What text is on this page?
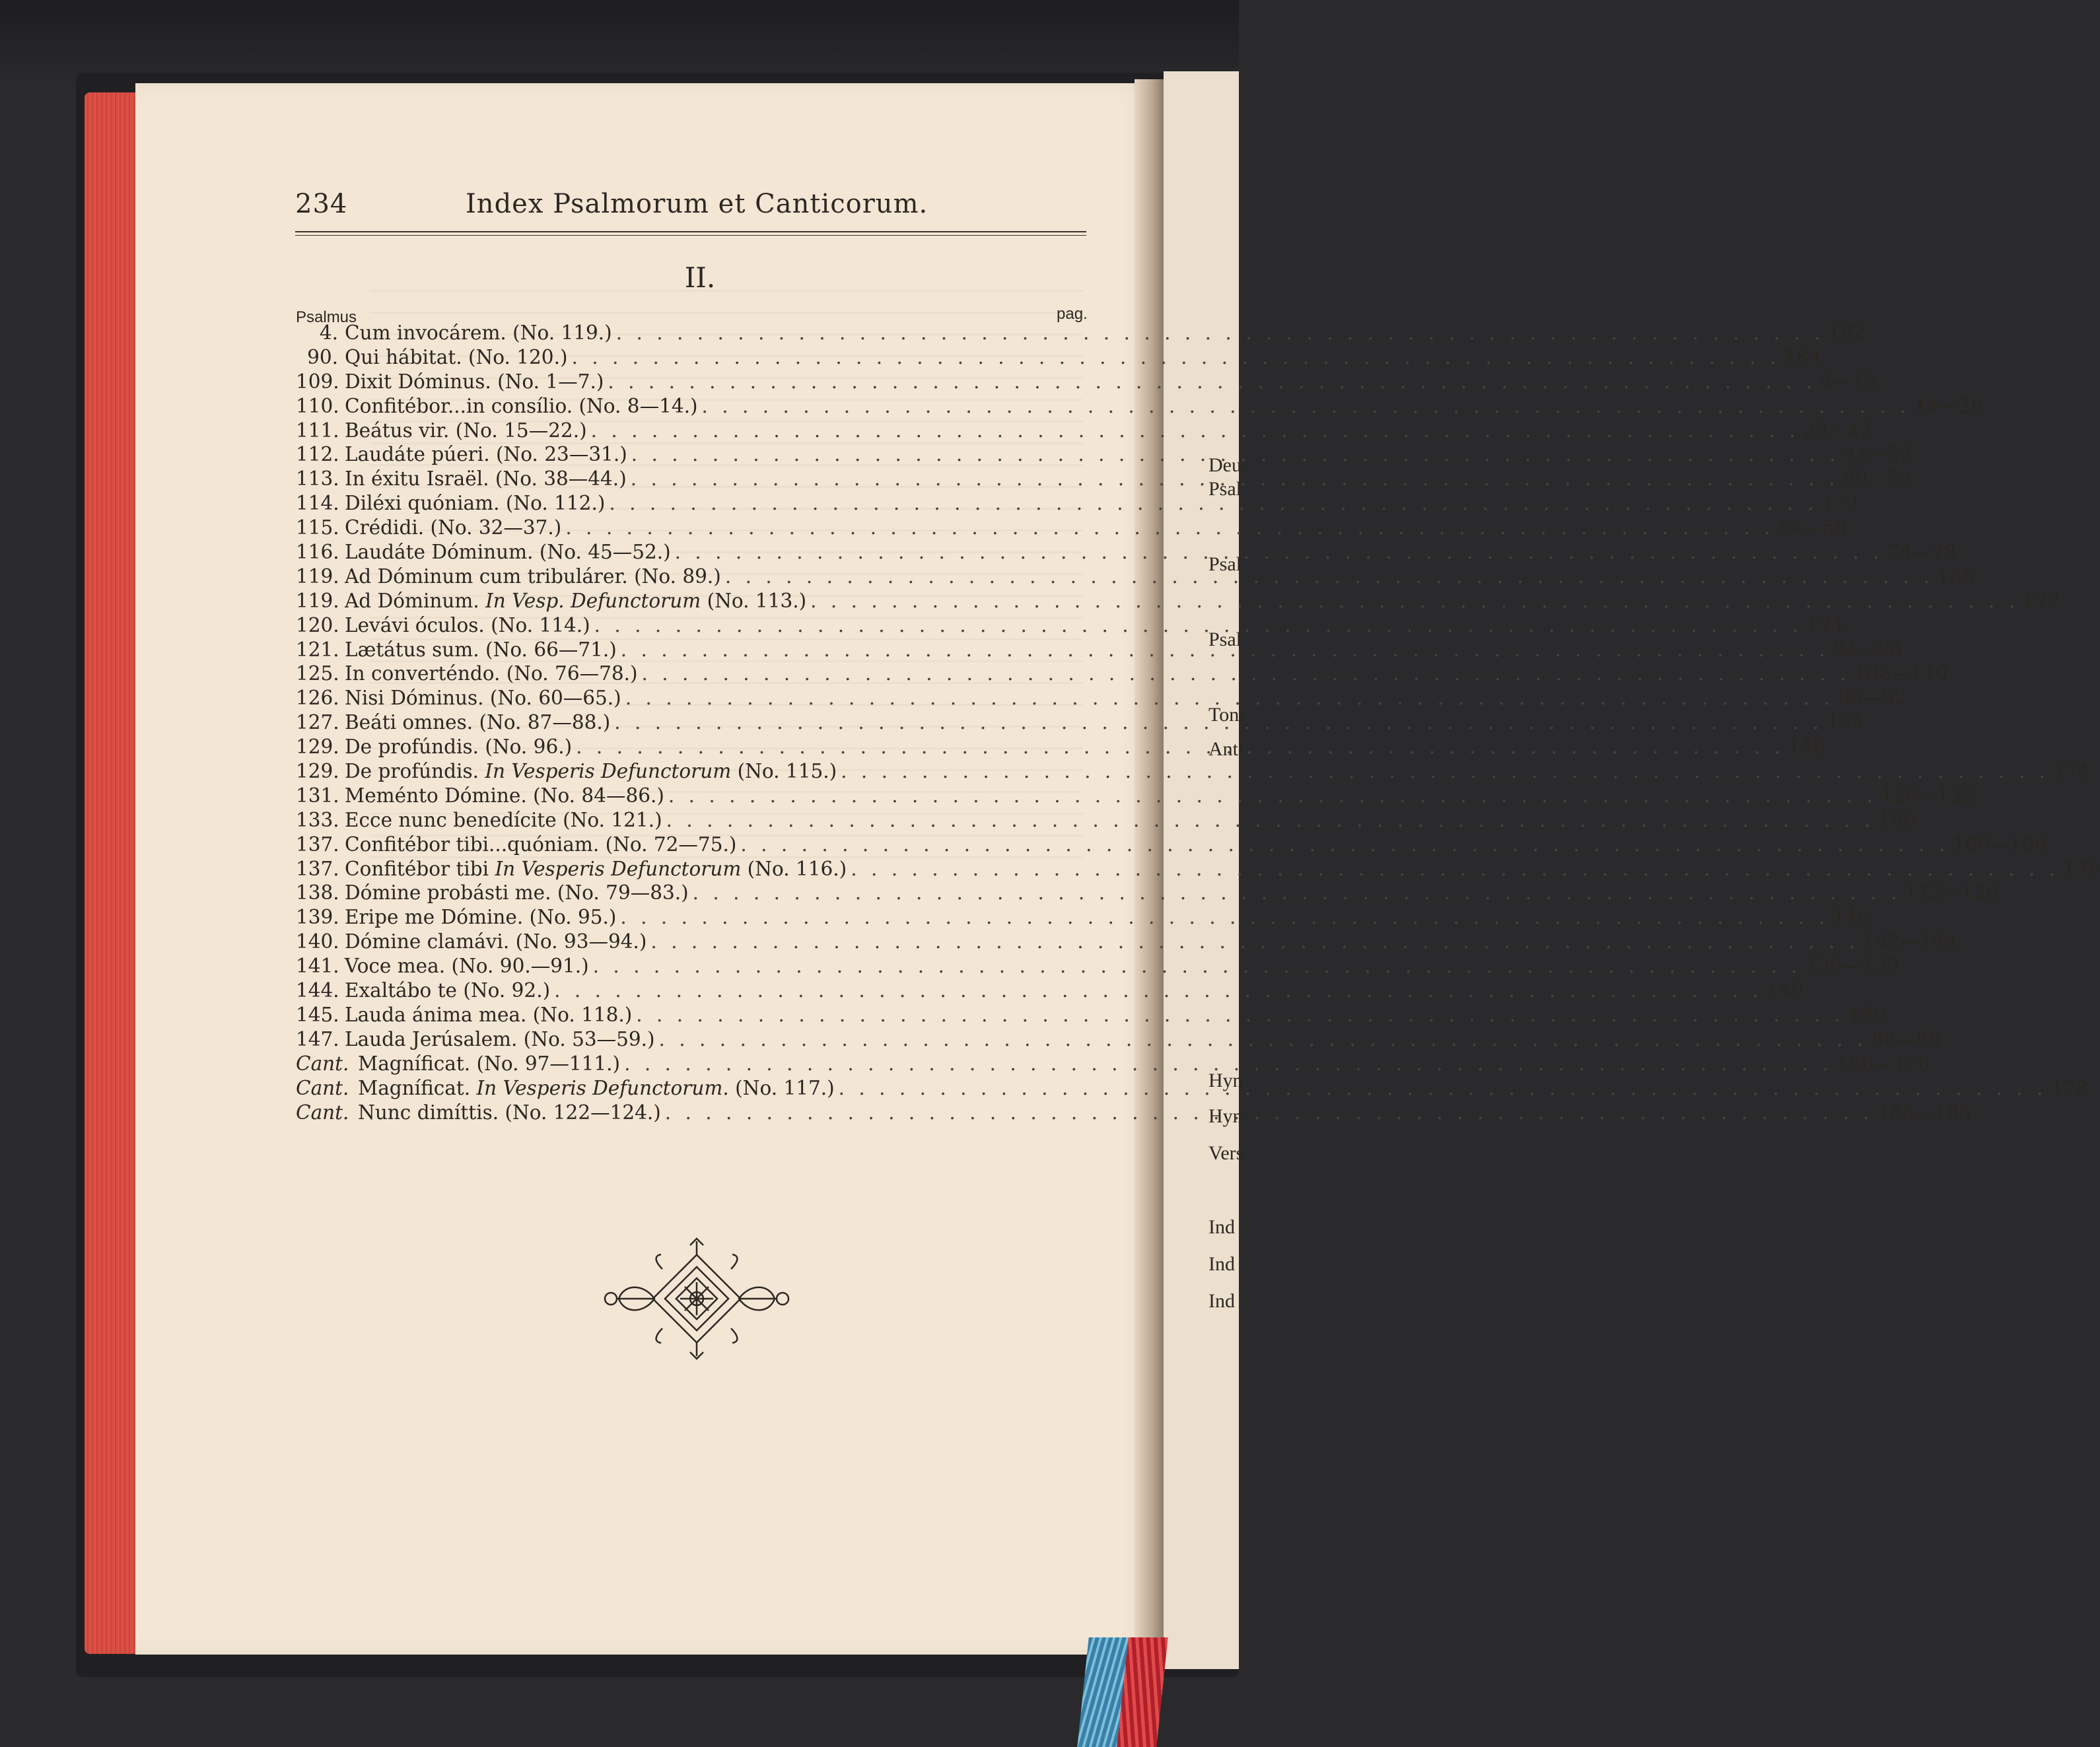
Deus
Psal
Psal
Psal
Toni
Anti
Hyn
Hyn
Vers
Ind
Ind
Ind
234	Index Psalmorum et Canticorum.
II.
Psalmus	pag.
4. Cum invocárem. (No. 119.) . . .	182
90. Qui hábitat. (No. 120.) . . .	184
109. Dixit Dóminus. (No. 1—7.) . . .	4—12
110. Confitébor...in consílio. (No. 8—14.) . . .	14—26
111. Beátus vir. (No. 15—22.) . . .	28—42
112. Laudáte púeri. (No. 23—31.) . . .	44—52
113. In éxitu Israël. (No. 38—44.) . . .	60—72
114. Diléxi quóniam. (No. 112.) . . .	172
115. Crédidi. (No. 32—37.) . . .	54—58
116. Laudáte Dóminum. (No. 45—52.) . . .	74—78
119. Ad Dóminum cum tribulárer. (No. 89.) . . .	136
119. Ad Dóminum. In Vesp. Defunctorum (No. 113.) . . .	172
120. Levávi óculos. (No. 114.) . . .	174
121. Lætátus sum. (No. 66—71.) . . .	94—98
125. In converténdo. (No. 76—78.) . . .	108—110
126. Nisi Dóminus. (No. 60—65.) . . .	88—92
127. Beáti omnes. (No. 87—88.) . . .	134
129. De profúndis. (No. 96.) . . .	148
129. De profúndis. In Vesperis Defunctorum (No. 115.) . . .	174
131. Meménto Dómine. (No. 84—86.) . . .	128—132
133. Ecce nunc benedícite (No. 121.) . . .	186
137. Confitébor tibi...quóniam. (No. 72—75.) . . .	100—106
137. Confitébor tibi In Vesperis Defunctorum (No. 116.) . . .	176
138. Dómine probásti me. (No. 79—83.) . . .	112—126
139. Eripe me Dómine. (No. 95.) . . .	146
140. Dómine clamávi. (No. 93—94.) . . .	142—144
141. Voce mea. (No. 90.—91.) . . .	136—138
144. Exaltábo te (No. 92.) . . .	140
145. Lauda ánima mea. (No. 118.) . . .	180
147. Lauda Jerúsalem. (No. 53—59.) . . .	80—86
Cant. Magníficat. (No. 97—111.) . . .	150—170
Cant. Magníficat. In Vesperis Defunctorum. (No. 117.) . . .	178
Cant. Nunc dimíttis. (No. 122—124.) . . .	186—188
